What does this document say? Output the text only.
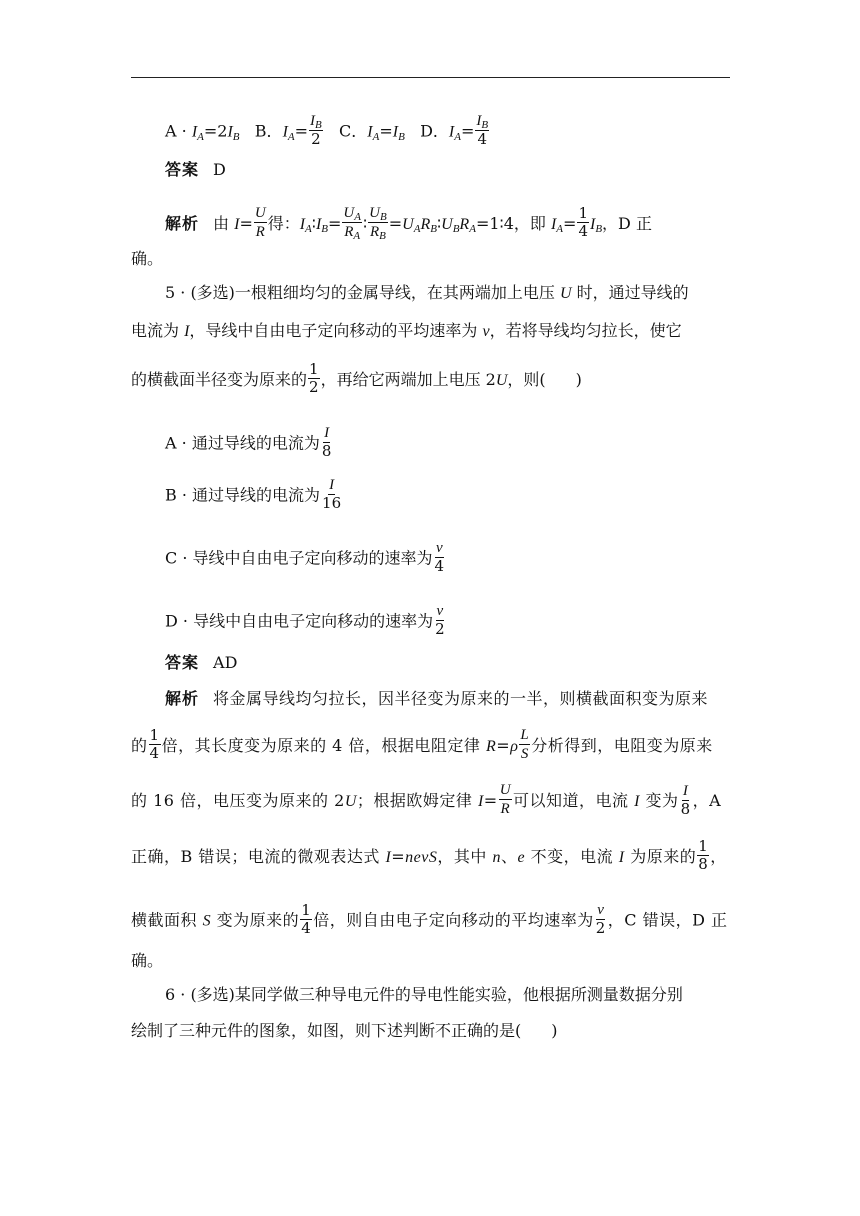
$A \cdot I_A=2I_B$   B．$I_A= \frac{I_B}{2}$ C．$I_A=I_B$   D．$I_A= \frac{I_B}{4}$
答案 D
解析 由 $I= \frac{U}{R}$ 得：$I_A∶I_B= \frac{U_A}{R_A}$ ∶ $\frac{U_B}{R_B}$ $=U_AR_B∶U_BR_A=1∶4$，即 $I_A= \frac{1}{4} I_B$，D 正
确。
5 · (多选)一根粗细均匀的金属导线，在其两端加上电压 U 时，通过导线的
电流为 I，导线中自由电子定向移动的平均速率为 v，若将导线均匀拉长，使它
的横截面半径变为原来的 $\frac{1}{2}$ ，再给它两端加上电压 2U，则( )
A · 通过导线的电流为 $\frac{I}{8}$
B · 通过导线的电流为 $\frac{I}{16}$
C · 导线中自由电子定向移动的速率为 $\frac{v}{4}$
D · 导线中自由电子定向移动的速率为 $\frac{v}{2}$
答案 AD
解析 将金属导线均匀拉长，因半径变为原来的一半，则横截面积变为原来
的 $\frac{1}{4}$ 倍，其长度变为原来的 4 倍，根据电阻定律 $R=\rho \frac{L}{S}$ 分析得到，电阻变为原来
的 16 倍，电压变为原来的 2U；根据欧姆定律 $I= \frac{U}{R}$ 可以知道，电流 I 变为 $\frac{I}{8}$ ，A
正确，B 错误；电流的微观表达式 I=nevS，其中 n、e 不变，电流 I 为原来的 $\frac{1}{8}$ ，
横截面积 S 变为原来的 $\frac{1}{4}$ 倍，则自由电子定向移动的平均速率为 $\frac{v}{2}$ ，C 错误，D 正
确。
6 · (多选)某同学做三种导电元件的导电性能实验，他根据所测量数据分别
绘制了三种元件的图象，如图，则下述判断不正确的是( )
